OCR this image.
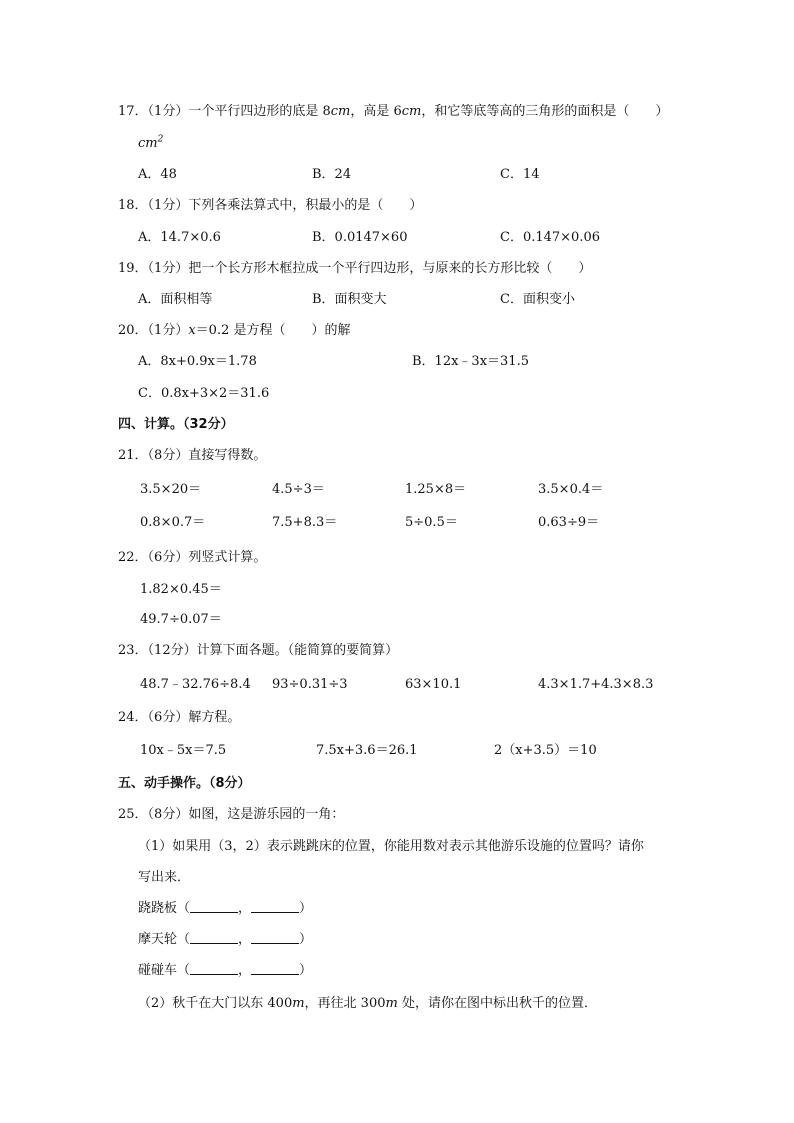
17．（1分）一个平行四边形的底是 8cm，高是 6cm，和它等底等高的三角形的面积是（　　）
$cm^2$
A．48	B．24	C．14
18．（1分）下列各乘法算式中，积最小的是（　　）
A．14.7×0.6	B．0.0147×60	C．0.147×0.06
19．（1分）把一个长方形木框拉成一个平行四边形，与原来的长方形比较（　　）
A．面积相等	B．面积变大	C．面积变小
20．（1分）x＝0.2 是方程（　　）的解
A．8x+0.9x＝1.78	B．12x﹣3x＝31.5
C．0.8x+3×2＝31.6
四、计算。（32分）
21．（8分）直接写得数。
3.5×20＝	4.5÷3＝	1.25×8＝	3.5×0.4＝
0.8×0.7＝	7.5+8.3＝	5÷0.5＝	0.63÷9＝
22．（6分）列竖式计算。
1.82×0.45＝
49.7÷0.07＝
23．（12分）计算下面各题。（能简算的要简算）
48.7﹣32.76÷8.4 93÷0.31÷3	63×10.1	4.3×1.7+4.3×8.3
24．（6分）解方程。
10x﹣5x＝7.5	7.5x+3.6＝26.1	2（x+3.5）＝10
五、动手操作。（8分）
25．（8分）如图，这是游乐园的一角：
（1）如果用（3，2）表示跳跳床的位置，你能用数对表示其他游乐设施的位置吗？请你
写出来．
跷跷板（	，	）
摩天轮（	，	）
碰碰车（	，	）
（2）秋千在大门以东 400m，再往北 300m 处，请你在图中标出秋千的位置．
